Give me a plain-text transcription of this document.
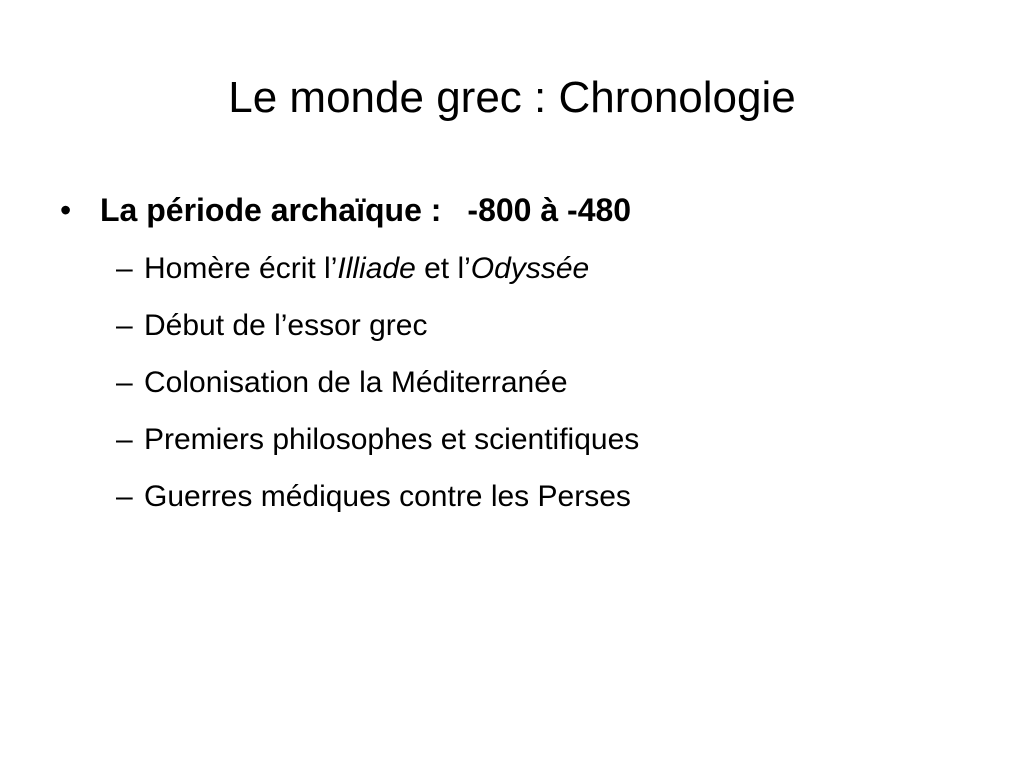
Le monde grec : Chronologie
• La période archaïque : -800 à -480
– Homère écrit l’Illiade et l’Odyssée
– Début de l’essor grec
– Colonisation de la Méditerranée
– Premiers philosophes et scientifiques
– Guerres médiques contre les Perses
